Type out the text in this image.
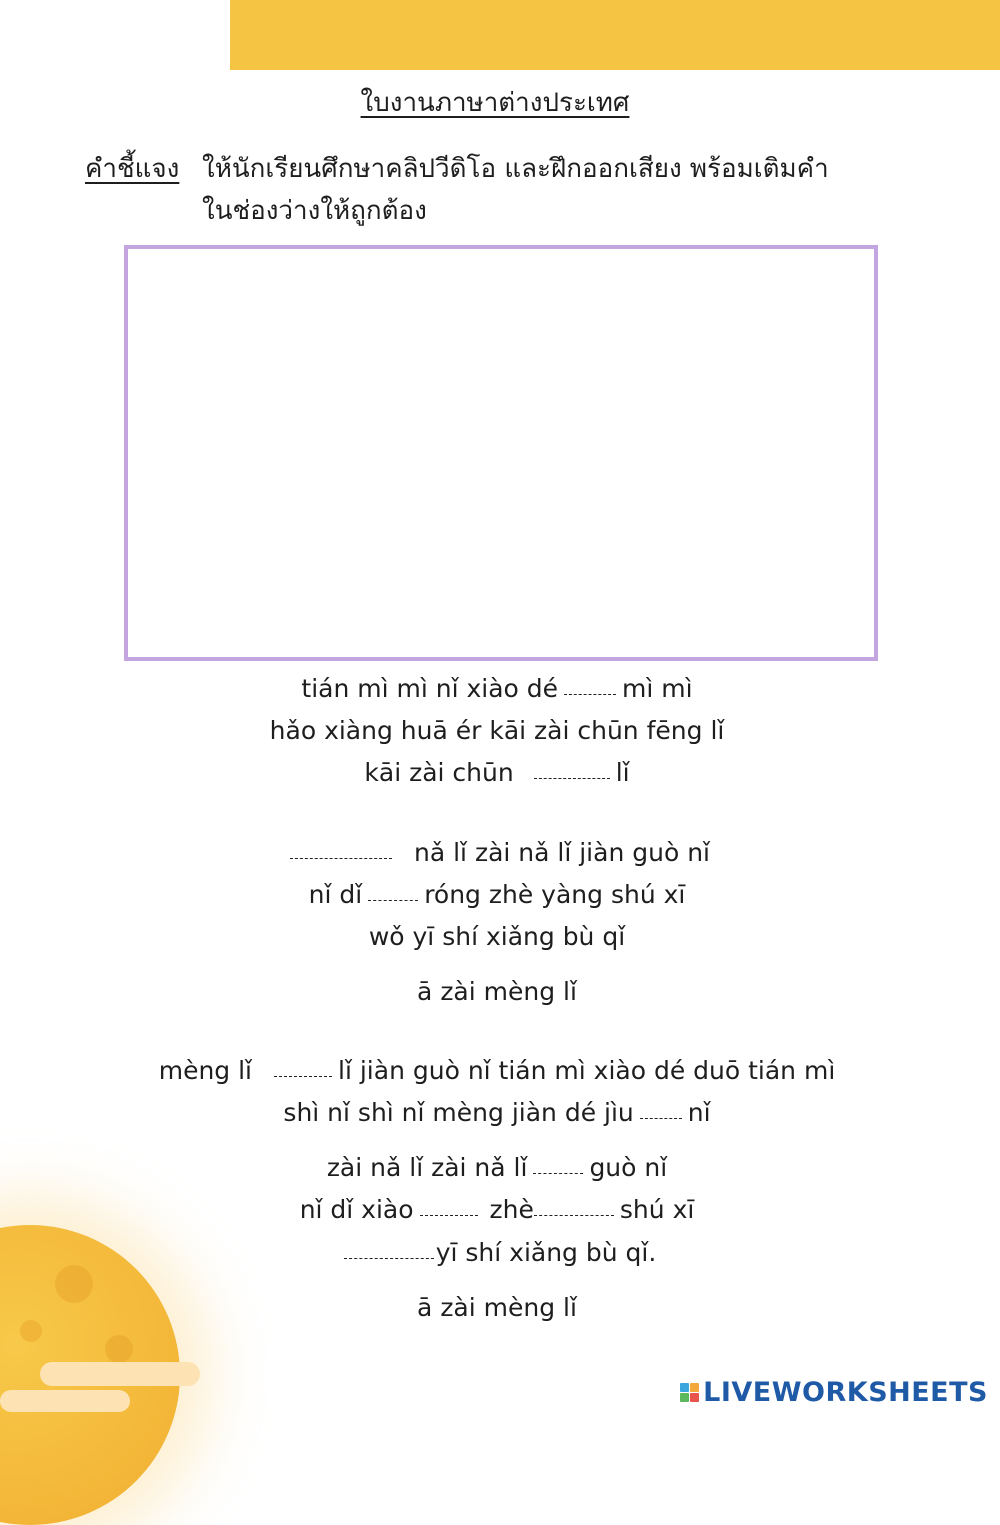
ใบงานภาษาต่างประเทศ
คำชี้แจง ให้นักเรียนศึกษาคลิปวีดิโอ และฝึกออกเสียง พร้อมเติมคำ
ในช่องว่างให้ถูกต้อง
tián mì mì nǐ xiào dé	mì mì
hǎo xiàng huā ér kāi zài chūn fēng lǐ
kāi zài chūn	lǐ
nǎ lǐ zài nǎ lǐ jiàn guò nǐ
nǐ dǐ róng zhè yàng shú xī
wǒ yī shí xiǎng bù qǐ
ā zài mèng lǐ
mèng lǐ	lǐ jiàn guò nǐ tián mì xiào dé duō tián mì
shì nǐ shì nǐ mèng jiàn dé jìu nǐ
zài nǎ lǐ zài nǎ lǐ guò nǐ
nǐ dǐ xiào	zhè	shú xī
yī shí xiǎng bù qǐ.
ā zài mèng lǐ
LIVEWORKSHEETS
